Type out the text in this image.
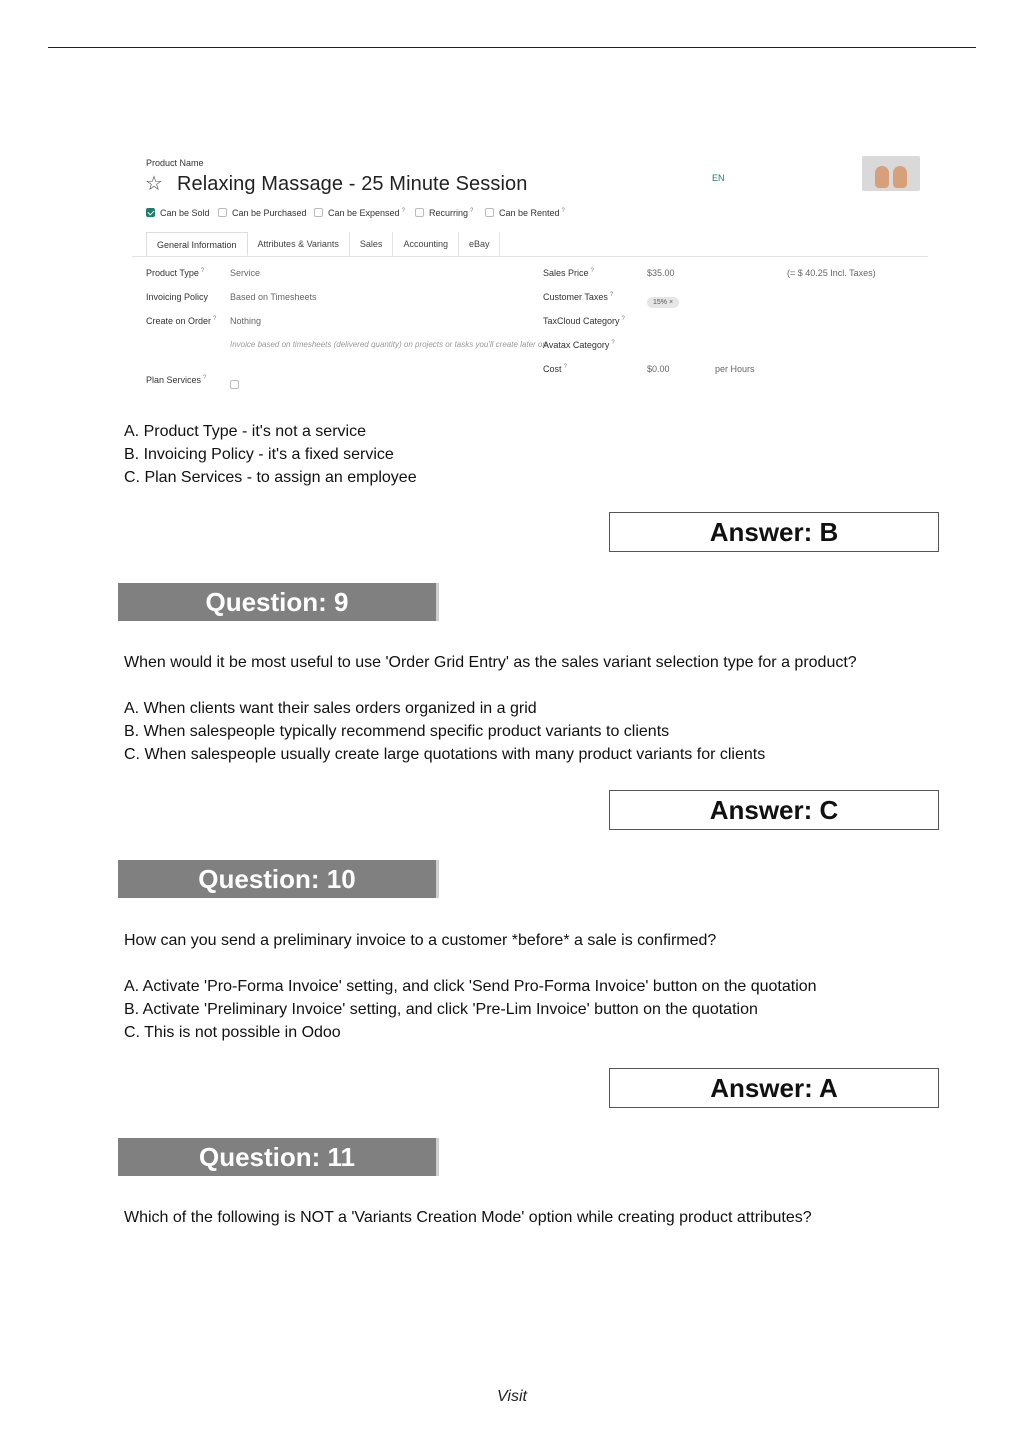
Product Name
☆ Relaxing Massage - 25 Minute Session	EN
Can be Sold	Can be Purchased	Can be Expensed ?	Recurring ?	Can be Rented ?
General Information	Attributes & Variants	Sales	Accounting	eBay
Product Type ?	Service
Invoicing Policy Based on Timesheets
Create on Order ? Nothing
Invoice based on timesheets (delivered quantity) on projects or tasks you'll create later on.
Plan Services ?
Sales Price ?	$35.00	(= $ 40.25 Incl. Taxes)
Customer Taxes ?
15% ×
TaxCloud Category ?
Avatax Category ?
Cost ?	$0.00	per Hours
A. Product Type - it's not a service
B. Invoicing Policy - it's a fixed service
C. Plan Services - to assign an employee
Answer: B
Question: 9
When would it be most useful to use 'Order Grid Entry' as the sales variant selection type for a product?
A. When clients want their sales orders organized in a grid
B. When salespeople typically recommend specific product variants to clients
C. When salespeople usually create large quotations with many product variants for clients
Answer: C
Question: 10
How can you send a preliminary invoice to a customer *before* a sale is confirmed?
A. Activate 'Pro-Forma Invoice' setting, and click 'Send Pro-Forma Invoice' button on the quotation
B. Activate 'Preliminary Invoice' setting, and click 'Pre-Lim Invoice' button on the quotation
C. This is not possible in Odoo
Answer: A
Question: 11
Which of the following is NOT a 'Variants Creation Mode' option while creating product attributes?
Visit
